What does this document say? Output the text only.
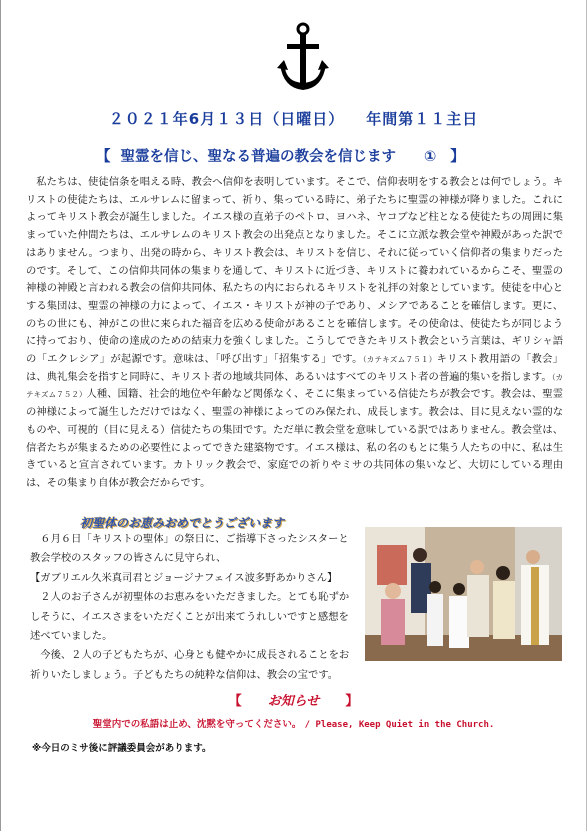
２０２１年6月１３日（日曜日） 年間第１１主日
【 聖霊を信じ、聖なる普遍の教会を信じます ① 】

私たちは、使徒信条を唱える時、教会へ信仰を表明しています。そこで、信仰表明をする教会とは何でしょう。キリストの使徒たちは、エルサレムに留まって、祈り、集っている時に、弟子たちに聖霊の神様が降りました。これによってキリスト教会が誕生しました。イエス様の直弟子のペトロ、ヨハネ、ヤコブなど柱となる使徒たちの周囲に集まっていた仲間たちは、エルサレムのキリスト教会の出発点となりました。そこに立派な教会堂や神殿があった訳ではありません。つまり、出発の時から、キリスト教会は、キリストを信じ、それに従っていく信仰者の集まりだったのです。そして、この信仰共同体の集まりを通して、キリストに近づき、キリストに養われているからこそ、聖霊の神様の神殿と言われる教会の信仰共同体、私たちの内におられるキリストを礼拝の対象としています。使徒を中心とする集団は、聖霊の神様の力によって、イエス・キリストが神の子であり、メシアであることを確信します。更に、のちの世にも、神がこの世に来られた福音を広める使命があることを確信します。その使命は、使徒たちが同じように持っており、使命の達成のための結束力を強くしました。こうしてできたキリスト教会という言葉は、ギリシャ語の「エクレシア」が起源です。意味は、「呼び出す」「招集する」です。（カテキズム７５１）キリスト教用語の「教会」は、典礼集会を指すと同時に、キリスト者の地域共同体、あるいはすべてのキリスト者の普遍的集いを指します。（カテキズム７５２）人種、国籍、社会的地位や年齢など関係なく、そこに集まっている信徒たちが教会です。教会は、聖霊の神様によって誕生しただけではなく、聖霊の神様によってのみ保たれ、成長します。教会は、目に見えない霊的なものや、可視的（目に見える）信徒たちの集団です。ただ単に教会堂を意味している訳ではありません。教会堂は、信者たちが集まるための必要性によってできた建築物です。イエス様は、私の名のもとに集う人たちの中に、私は生きていると宣言されています。カトリック教会で、家庭での祈りやミサの共同体の集いなど、大切にしている理由は、その集まり自体が教会だからです。

初聖体のお恵みおめでとうございます

６月６日「キリストの聖体」の祭日に、ご指導下さったシスターと教会学校のスタッフの皆さんに見守られ、

【ガブリエル久米真司君とジョージナフェイス波多野あかりさん】

２人のお子さんが初聖体のお恵みをいただきました。とても恥ずかしそうに、イエスさまをいただくことが出来てうれしいですと感想を述べていました。

今後、２人の子どもたちが、心身とも健やかに成長されることをお祈りいたしましょう。子どもたちの純粋な信仰は、教会の宝です。

【 お知らせ 】
聖堂内での私語は止め、沈黙を守ってください。 / Please, Keep Quiet in the Church.
※今日のミサ後に評議委員会があります。
